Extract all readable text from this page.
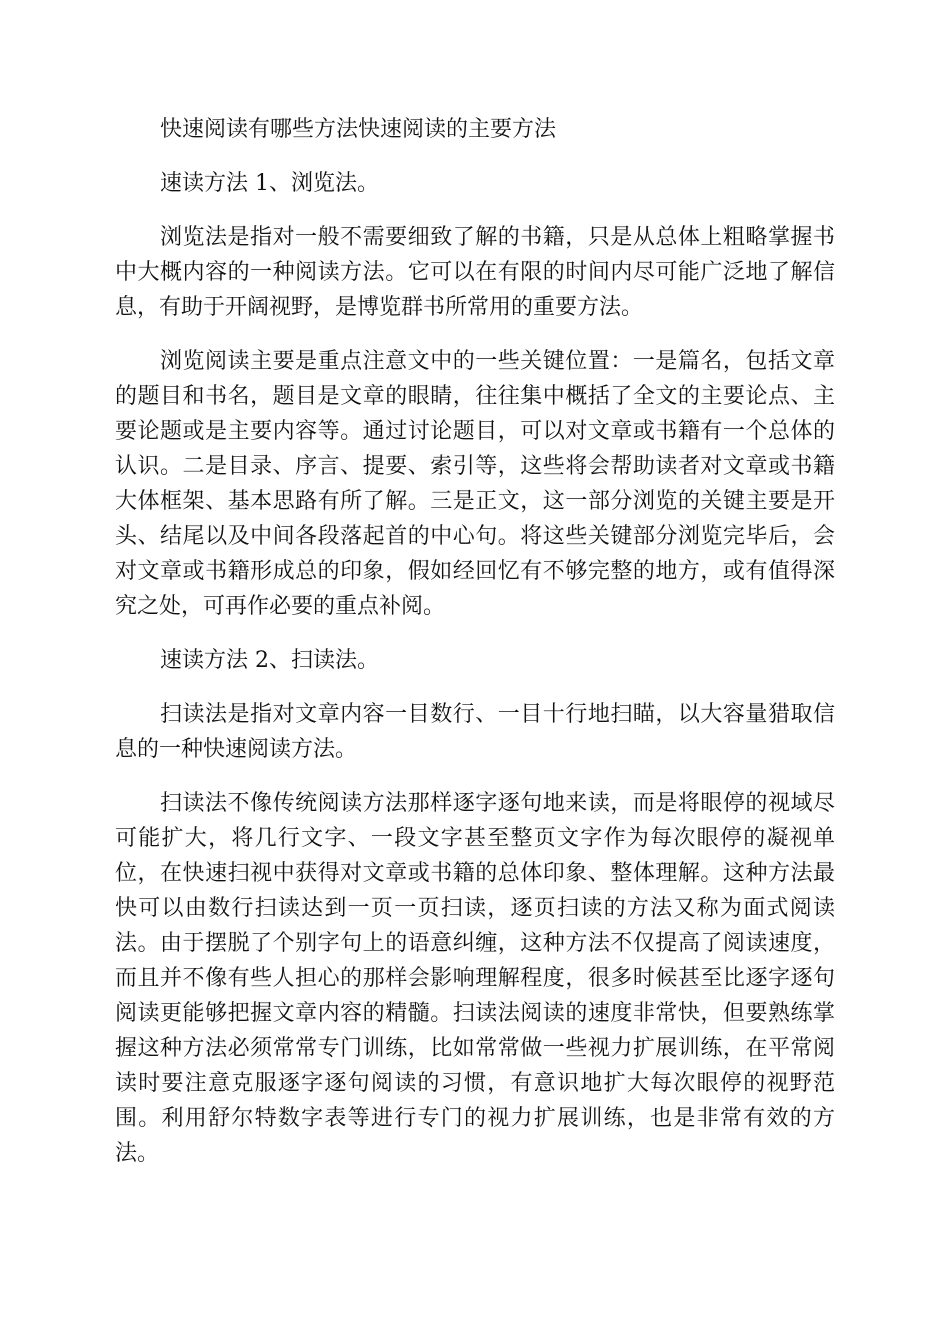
快速阅读有哪些方法快速阅读的主要方法
速读方法 1、浏览法。
浏览法是指对一般不需要细致了解的书籍，只是从总体上粗略掌握书
中大概内容的一种阅读方法。它可以在有限的时间内尽可能广泛地了解信
息，有助于开阔视野，是博览群书所常用的重要方法。
浏览阅读主要是重点注意文中的一些关键位置：一是篇名，包括文章
的题目和书名，题目是文章的眼睛，往往集中概括了全文的主要论点、主
要论题或是主要内容等。通过讨论题目，可以对文章或书籍有一个总体的
认识。二是目录、序言、提要、索引等，这些将会帮助读者对文章或书籍
大体框架、基本思路有所了解。三是正文，这一部分浏览的关键主要是开
头、结尾以及中间各段落起首的中心句。将这些关键部分浏览完毕后，会
对文章或书籍形成总的印象，假如经回忆有不够完整的地方，或有值得深
究之处，可再作必要的重点补阅。
速读方法 2、扫读法。
扫读法是指对文章内容一目数行、一目十行地扫瞄，以大容量猎取信
息的一种快速阅读方法。
扫读法不像传统阅读方法那样逐字逐句地来读，而是将眼停的视域尽
可能扩大，将几行文字、一段文字甚至整页文字作为每次眼停的凝视单
位，在快速扫视中获得对文章或书籍的总体印象、整体理解。这种方法最
快可以由数行扫读达到一页一页扫读，逐页扫读的方法又称为面式阅读
法。由于摆脱了个别字句上的语意纠缠，这种方法不仅提高了阅读速度，
而且并不像有些人担心的那样会影响理解程度，很多时候甚至比逐字逐句
阅读更能够把握文章内容的精髓。扫读法阅读的速度非常快，但要熟练掌
握这种方法必须常常专门训练，比如常常做一些视力扩展训练，在平常阅
读时要注意克服逐字逐句阅读的习惯，有意识地扩大每次眼停的视野范
围。利用舒尔特数字表等进行专门的视力扩展训练，也是非常有效的方
法。
